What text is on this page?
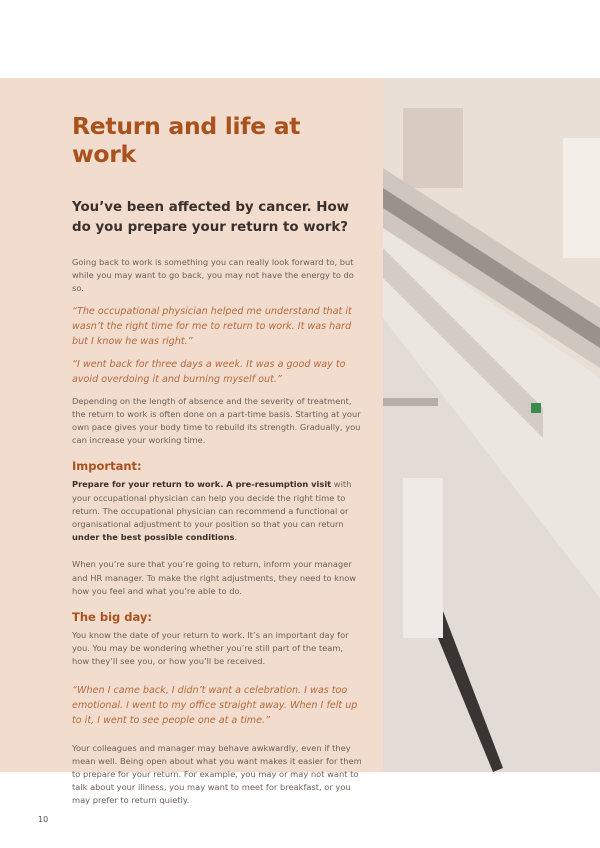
Return and life at work
You’ve been affected by cancer. How do you prepare your return to work?

Going back to work is something you can really look forward to, but while you may want to go back, you may not have the energy to do so.

“The occupational physician helped me understand that it wasn’t the right time for me to return to work. It was hard but I know he was right.”

“I went back for three days a week. It was a good way to avoid overdoing it and burning myself out.”

Depending on the length of absence and the severity of treatment, the return to work is often done on a part-time basis. Starting at your own pace gives your body time to rebuild its strength. Gradually, you can increase your working time.

Important:

Prepare for your return to work. A pre-resumption visit with your occupational physician can help you decide the right time to return. The occupational physician can recommend a functional or organisational adjustment to your position so that you can return under the best possible conditions.

When you’re sure that you’re going to return, inform your manager and HR manager. To make the right adjustments, they need to know how you feel and what you’re able to do.

The big day:

You know the date of your return to work. It’s an important day for you. You may be wondering whether you’re still part of the team, how they’ll see you, or how you’ll be received.

“When I came back, I didn’t want a celebration. I was too emotional. I went to my office straight away. When I felt up to it, I went to see people one at a time.”

Your colleagues and manager may behave awkwardly, even if they mean well. Being open about what you want makes it easier for them to prepare for your return. For example, you may or may not want to talk about your illness, you may want to meet for breakfast, or you may prefer to return quietly.

10
